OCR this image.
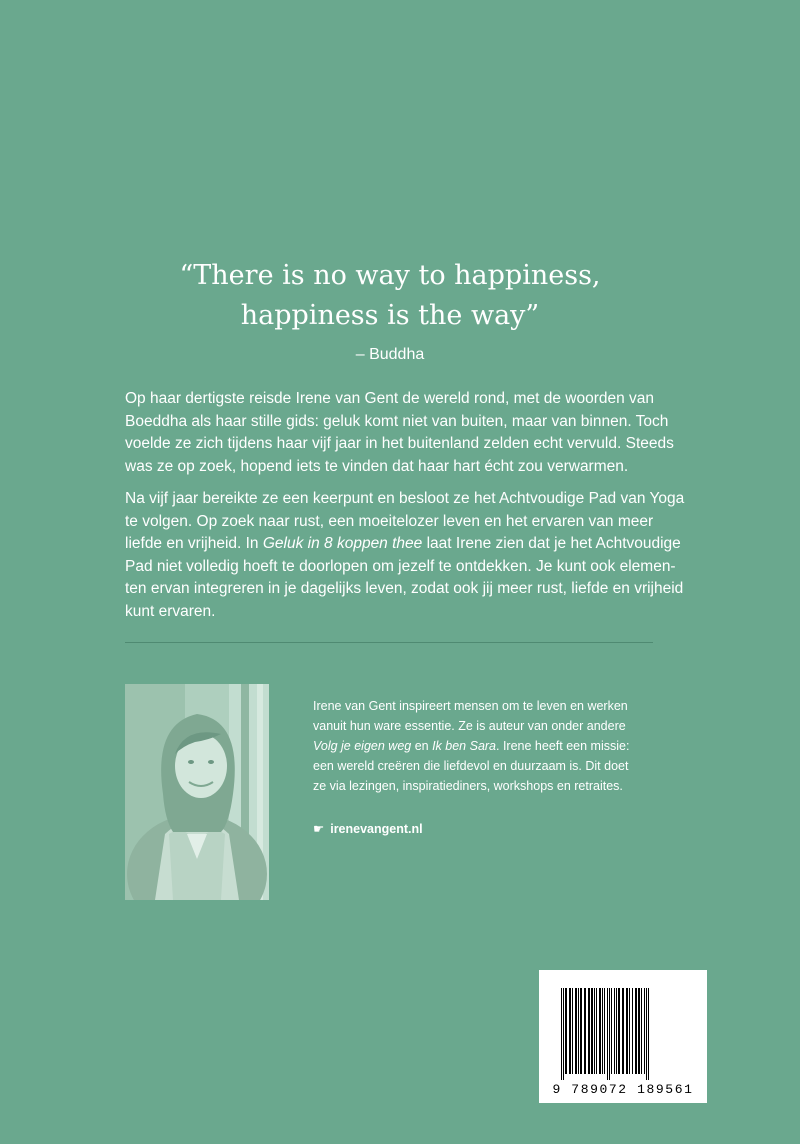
“There is no way to happiness,
happiness is the way”
– Buddha

Op haar dertigste reisde Irene van Gent de wereld rond, met de woorden van
Boeddha als haar stille gids: geluk komt niet van buiten, maar van binnen. Toch
voelde ze zich tijdens haar vijf jaar in het buitenland zelden echt vervuld. Steeds
was ze op zoek, hopend iets te vinden dat haar hart écht zou verwarmen.

Na vijf jaar bereikte ze een keerpunt en besloot ze het Achtvoudige Pad van Yoga
te volgen. Op zoek naar rust, een moeitelozer leven en het ervaren van meer
liefde en vrijheid. In Geluk in 8 koppen thee laat Irene zien dat je het Achtvoudige
Pad niet volledig hoeft te doorlopen om jezelf te ontdekken. Je kunt ook elemen-
ten ervan integreren in je dagelijks leven, zodat ook jij meer rust, liefde en vrijheid
kunt ervaren.

Irene van Gent inspireert mensen om te leven en werken
vanuit hun ware essentie. Ze is auteur van onder andere
Volg je eigen weg en Ik ben Sara. Irene heeft een missie:
een wereld creëren die liefdevol en duurzaam is. Dit doet
ze via lezingen, inspiratiediners, workshops en retraites.
☛ irenevangent.nl
9 789072 189561
